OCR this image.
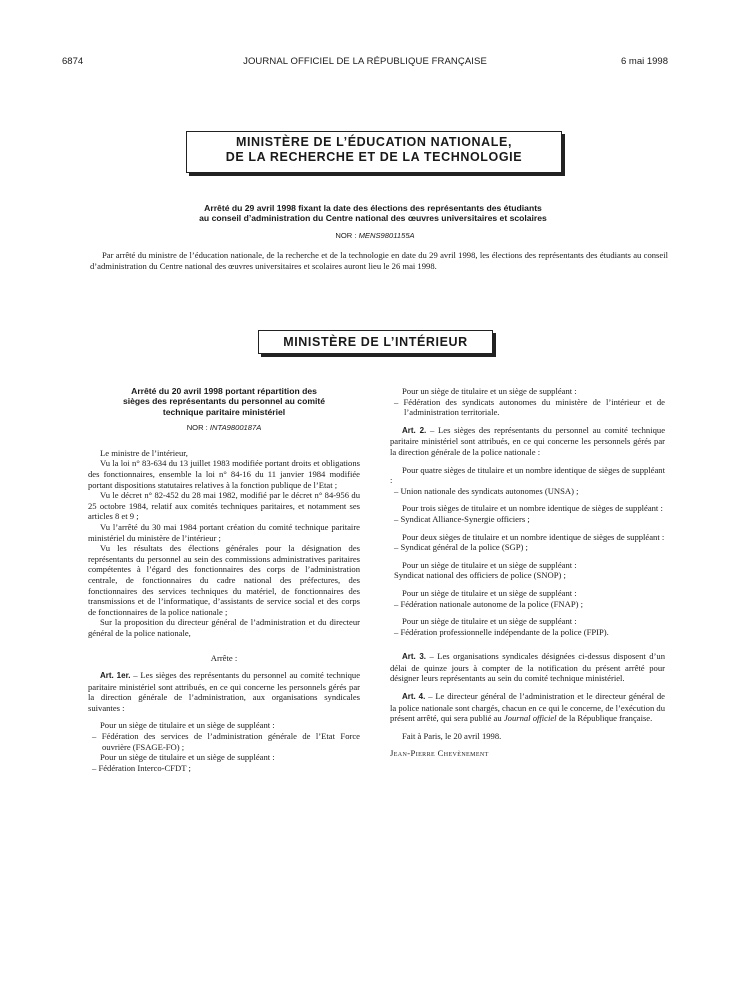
6874	JOURNAL OFFICIEL DE LA RÉPUBLIQUE FRANÇAISE	6 mai 1998
MINISTÈRE DE L’ÉDUCATION NATIONALE,
DE LA RECHERCHE ET DE LA TECHNOLOGIE
Arrêté du 29 avril 1998 fixant la date des élections des représentants des étudiants
au conseil d’administration du Centre national des œuvres universitaires et scolaires
NOR : MENS9801155A
Par arrêté du ministre de l’éducation nationale, de la recherche et de la technologie en date du 29 avril 1998, les élections des représentants des étudiants au conseil d’administration du Centre national des œuvres universitaires et scolaires auront lieu le 26 mai 1998.
MINISTÈRE DE L’INTÉRIEUR
Arrêté du 20 avril 1998 portant répartition des
sièges des représentants du personnel au comité
technique paritaire ministériel
NOR : INTA9800187A

Le ministre de l’intérieur,

Vu la loi n° 83-634 du 13 juillet 1983 modifiée portant droits et obligations des fonctionnaires, ensemble la loi n° 84-16 du 11 janvier 1984 modifiée portant dispositions statutaires relatives à la fonction publique de l’Etat ;

Vu le décret n° 82-452 du 28 mai 1982, modifié par le décret n° 84-956 du 25 octobre 1984, relatif aux comités techniques paritaires, et notamment ses articles 8 et 9 ;

Vu l’arrêté du 30 mai 1984 portant création du comité technique paritaire ministériel du ministère de l’intérieur ;

Vu les résultats des élections générales pour la désignation des représentants du personnel au sein des commissions administratives paritaires compétentes à l’égard des fonctionnaires des corps de l’administration centrale, de fonctionnaires du cadre national des préfectures, des fonctionnaires des services techniques du matériel, de fonctionnaires des transmissions et de l’informatique, d’assistants de service social et des corps de fonctionnaires de la police nationale ;

Sur la proposition du directeur général de l’administration et du directeur général de la police nationale,

Arrête :

Art. 1er. – Les sièges des représentants du personnel au comité technique paritaire ministériel sont attribués, en ce qui concerne les personnels gérés par la direction générale de l’administration, aux organisations syndicales suivantes :

Pour un siège de titulaire et un siège de suppléant :

– Fédération des services de l’administration générale de l’Etat Force ouvrière (FSAGE-FO) ;

Pour un siège de titulaire et un siège de suppléant :

– Fédération Interco-CFDT ;

Pour un siège de titulaire et un siège de suppléant :

– Fédération des syndicats autonomes du ministère de l’intérieur et de l’administration territoriale.

Art. 2. – Les sièges des représentants du personnel au comité technique paritaire ministériel sont attribués, en ce qui concerne les personnels gérés par la direction générale de la police nationale :

Pour quatre sièges de titulaire et un nombre identique de sièges de suppléant :

– Union nationale des syndicats autonomes (UNSA) ;

Pour trois sièges de titulaire et un nombre identique de sièges de suppléant :

– Syndicat Alliance-Synergie officiers ;

Pour deux sièges de titulaire et un nombre identique de sièges de suppléant :

– Syndicat général de la police (SGP) ;

Pour un siège de titulaire et un siège de suppléant :

Syndicat national des officiers de police (SNOP) ;

Pour un siège de titulaire et un siège de suppléant :

– Fédération nationale autonome de la police (FNAP) ;

Pour un siège de titulaire et un siège de suppléant :

– Fédération professionnelle indépendante de la police (FPIP).

Art. 3. – Les organisations syndicales désignées ci-dessus disposent d’un délai de quinze jours à compter de la notification du présent arrêté pour désigner leurs représentants au sein du comité technique ministériel.

Art. 4. – Le directeur général de l’administration et le directeur général de la police nationale sont chargés, chacun en ce qui le concerne, de l’exécution du présent arrêté, qui sera publié au Journal officiel de la République française.

Fait à Paris, le 20 avril 1998.

Jean-Pierre Chevènement
